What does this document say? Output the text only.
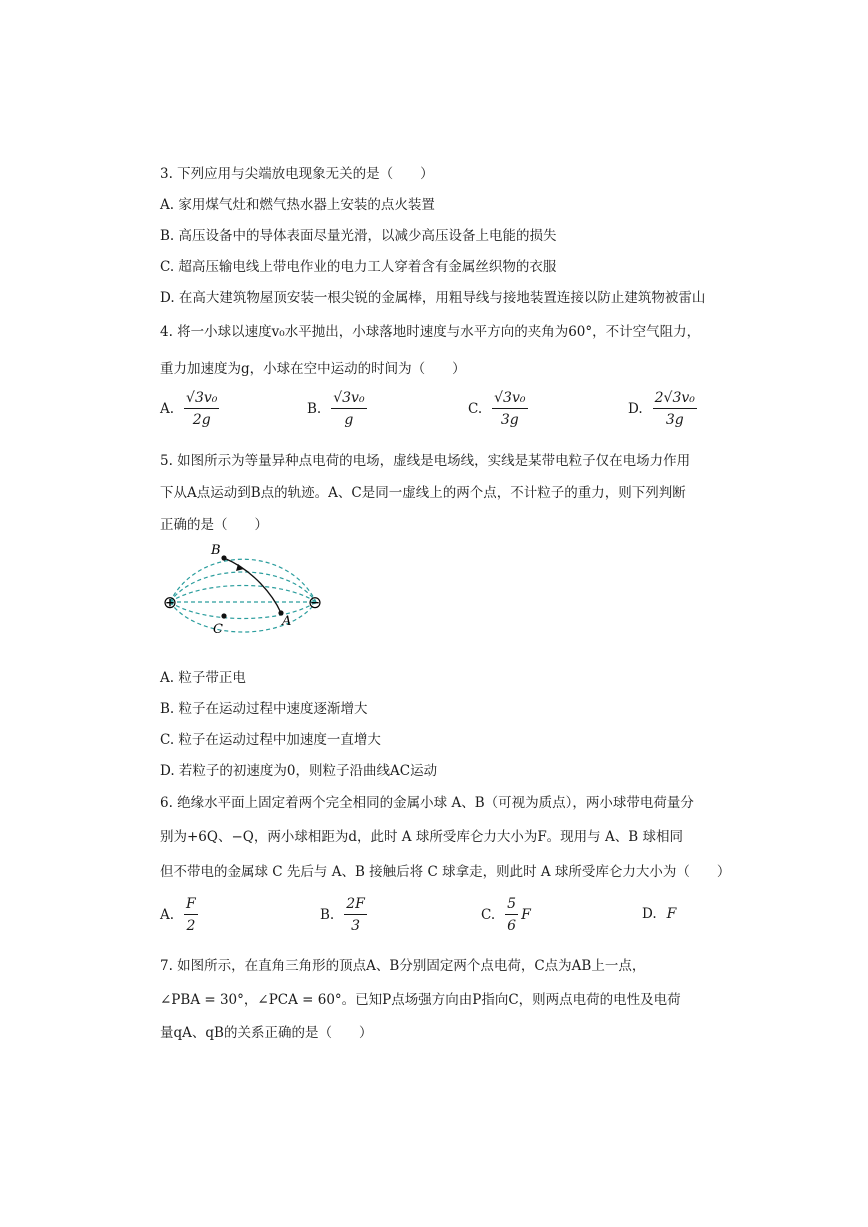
3. 下列应用与尖端放电现象无关的是（　　）
A. 家用煤气灶和燃气热水器上安装的点火装置
B. 高压设备中的导体表面尽量光滑，以减少高压设备上电能的损失
C. 超高压输电线上带电作业的电力工人穿着含有金属丝织物的衣服
D. 在高大建筑物屋顶安装一根尖锐的金属棒，用粗导线与接地装置连接以防止建筑物被雷山
4. 将一小球以速度v₀水平抛出，小球落地时速度与水平方向的夹角为60°，不计空气阻力，
重力加速度为g，小球在空中运动的时间为（　　）
A. $\frac{\text{√3v₀}}{2g}$	B. $\frac{\text{√3v₀}}{g}$	C. $\frac{\text{√3v₀}}{3g}$	D. $\frac{\text{2√3v₀}}{3g}$
5. 如图所示为等量异种点电荷的电场，虚线是电场线，实线是某带电粒子仅在电场力作用
下从A点运动到B点的轨迹。A、C是同一虚线上的两个点，不计粒子的重力，则下列判断
正确的是（　　）
⊕	⊖
B
A
C
A. 粒子带正电
B. 粒子在运动过程中速度逐渐增大
C. 粒子在运动过程中加速度一直增大
D. 若粒子的初速度为0，则粒子沿曲线AC运动
6. 绝缘水平面上固定着两个完全相同的金属小球 A、B（可视为质点），两小球带电荷量分
别为+6Q、−Q，两小球相距为d，此时 A 球所受库仑力大小为F。现用与 A、B 球相同
但不带电的金属球 C 先后与 A、B 接触后将 C 球拿走，则此时 A 球所受库仑力大小为（　　）
A. $\frac{F}{2}$	B. $\frac{2F}{3}$	C. $\frac{5}{6}$ F	D. F
7. 如图所示，在直角三角形的顶点A、B分别固定两个点电荷，C点为AB上一点，
∠PBA = 30°，∠PCA = 60°。已知P点场强方向由P指向C，则两点电荷的电性及电荷
量qA、qB的关系正确的是（　　）
